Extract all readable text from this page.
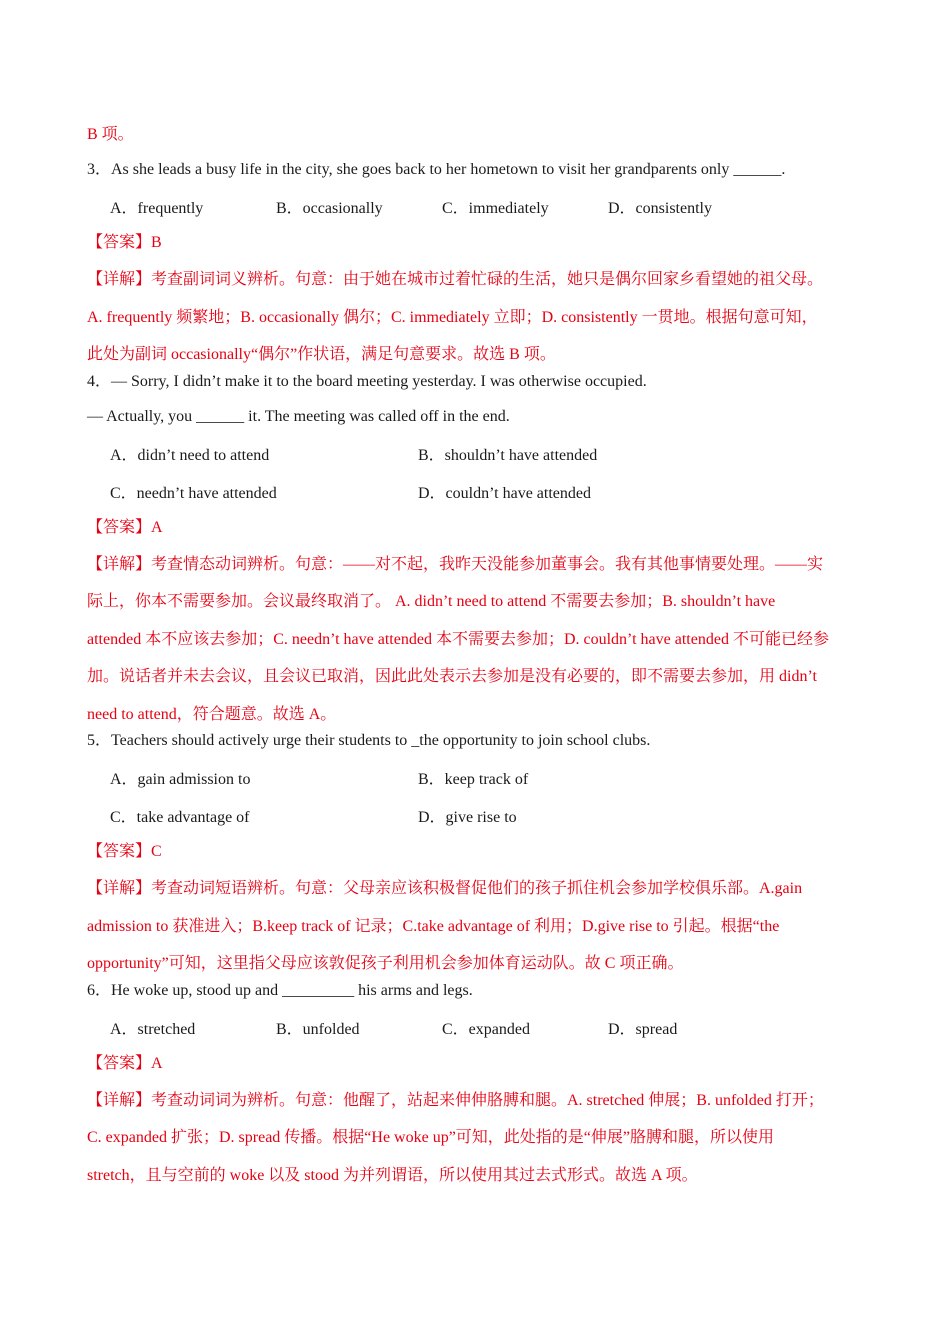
B 项。

3．As she leads a busy life in the city, she goes back to her hometown to visit her grandparents only ______.

A．frequently	B．occasionally	C．immediately	D．consistently

【答案】B

【详解】考查副词词义辨析。句意：由于她在城市过着忙碌的生活，她只是偶尔回家乡看望她的祖父母。
A. frequently 频繁地；B. occasionally 偶尔；C. immediately 立即；D. consistently 一贯地。根据句意可知，
此处为副词 occasionally“偶尔”作状语，满足句意要求。故选 B 项。

4．— Sorry, I didn’t make it to the board meeting yesterday. I was otherwise occupied.

— Actually, you ______ it. The meeting was called off in the end.

A．didn’t need to attend	B．shouldn’t have attended
C．needn’t have attended	D．couldn’t have attended

【答案】A

【详解】考查情态动词辨析。句意：——对不起，我昨天没能参加董事会。我有其他事情要处理。——实
际上，你本不需要参加。会议最终取消了。 A. didn’t need to attend 不需要去参加；B. shouldn’t have
attended 本不应该去参加；C. needn’t have attended 本不需要去参加；D. couldn’t have attended 不可能已经参
加。说话者并未去会议，且会议已取消，因此此处表示去参加是没有必要的，即不需要去参加，用 didn’t
need to attend，符合题意。故选 A。

5．Teachers should actively urge their students to _the opportunity to join school clubs.

A．gain admission to	B．keep track of
C．take advantage of	D．give rise to

【答案】C

【详解】考查动词短语辨析。句意：父母亲应该积极督促他们的孩子抓住机会参加学校俱乐部。A.gain
admission to 获准进入；B.keep track of 记录；C.take advantage of 利用；D.give rise to 引起。根据“the
opportunity”可知，这里指父母应该敦促孩子利用机会参加体育运动队。故 C 项正确。

6．He woke up, stood up and _________ his arms and legs.

A．stretched	B．unfolded	C．expanded	D．spread

【答案】A

【详解】考查动词词为辨析。句意：他醒了，站起来伸伸胳膊和腿。A. stretched 伸展；B. unfolded 打开；
C. expanded 扩张；D. spread 传播。根据“He woke up”可知，此处指的是“伸展”胳膊和腿，所以使用
stretch，且与空前的 woke 以及 stood 为并列谓语，所以使用其过去式形式。故选 A 项。
